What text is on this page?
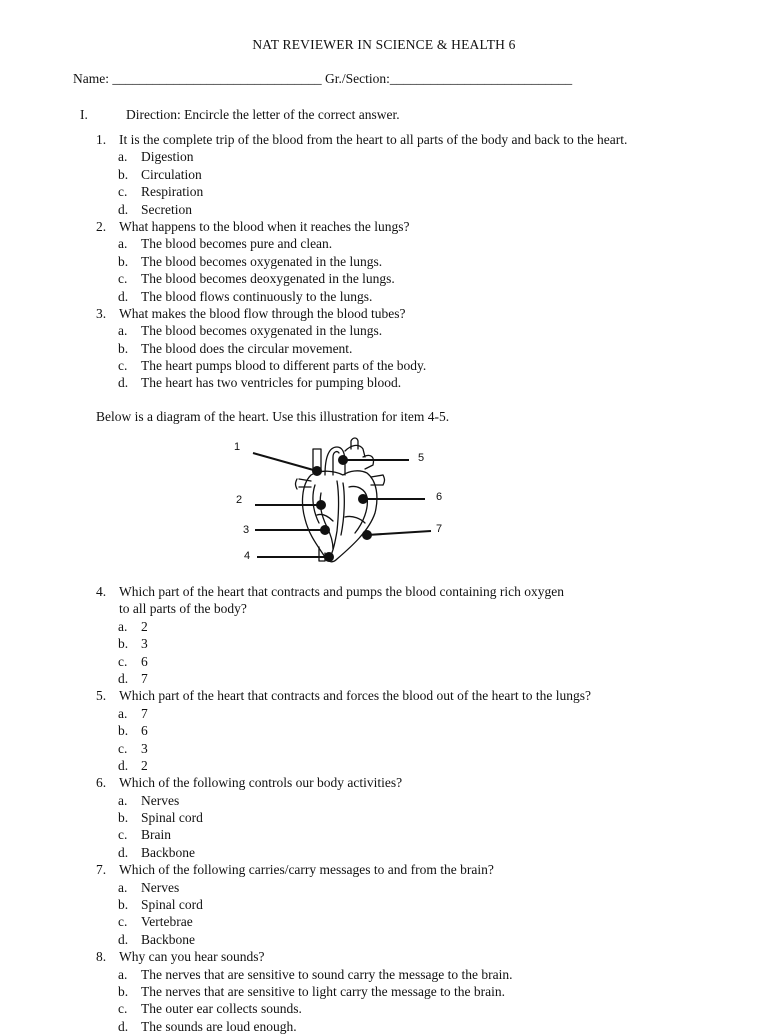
NAT REVIEWER IN SCIENCE & HEALTH 6
Name: _______________________________ Gr./Section:___________________________
I.	Direction: Encircle the letter of the correct answer.
1. It is the complete trip of the blood from the heart to all parts of the body and back to the heart.
a. Digestion
b. Circulation
c. Respiration
d. Secretion
2. What happens to the blood when it reaches the lungs?
a. The blood becomes pure and clean.
b. The blood becomes oxygenated in the lungs.
c. The blood becomes deoxygenated in the lungs.
d. The blood flows continuously to the lungs.
3. What makes the blood flow through the blood tubes?
a. The blood becomes oxygenated in the lungs.
b. The blood does the circular movement.
c. The heart pumps blood to different parts of the body.
d. The heart has two ventricles for pumping blood.
Below is a diagram of the heart. Use this illustration for item 4-5.
1
2
3
4
5
6
7
4. Which part of the heart that contracts and pumps the blood containing rich oxygen
to all parts of the body?
a. 2
b. 3
c. 6
d. 7
5. Which part of the heart that contracts and forces the blood out of the heart to the lungs?
a. 7
b. 6
c. 3
d. 2
6. Which of the following controls our body activities?
a. Nerves
b. Spinal cord
c. Brain
d. Backbone
7. Which of the following carries/carry messages to and from the brain?
a. Nerves
b. Spinal cord
c. Vertebrae
d. Backbone
8. Why can you hear sounds?
a. The nerves that are sensitive to sound carry the message to the brain.
b. The nerves that are sensitive to light carry the message to the brain.
c. The outer ear collects sounds.
d. The sounds are loud enough.
